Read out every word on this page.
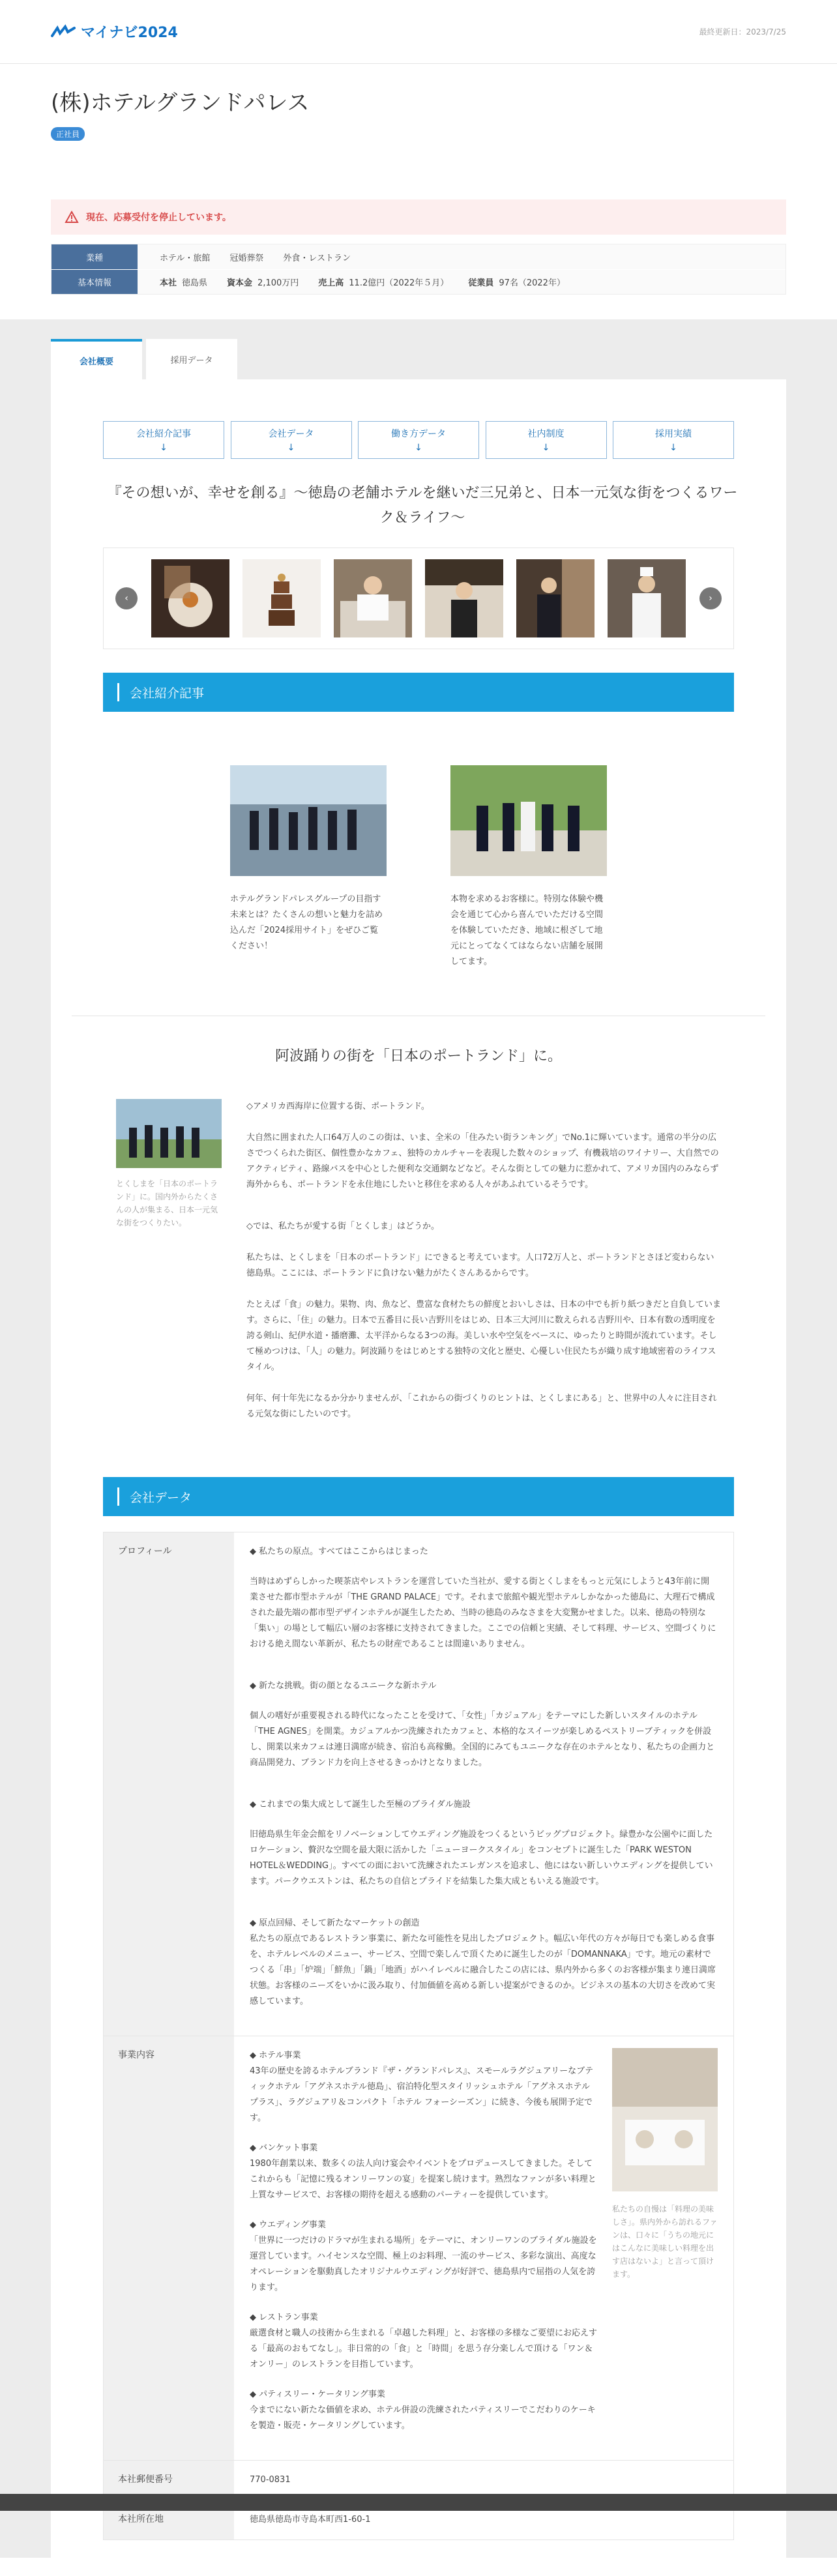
マイナビ2024	最終更新日：2023/7/25
(株)ホテルグランドパレス
正社員
現在、応募受付を停止しています。
業種	ホテル・旅館 冠婚葬祭 外食・レストラン
基本情報	本社 徳島県 資本金 2,100万円 売上高 11.2億円（2022年５月） 従業員 97名（2022年）
会社概要	採用データ
会社紹介記事
↓
会社データ
↓
働き方データ
↓
社内制度
↓
採用実績
↓
『その想いが、幸せを創る』～徳島の老舗ホテルを継いだ三兄弟と、日本一元気な街をつくるワーク＆ライフ～
‹	›
会社紹介記事

ホテルグランドパレスグループの目指す未来とは？たくさんの想いと魅力を詰め込んだ「2024採用サイト」をぜひご覧ください！

本物を求めるお客様に。特別な体験や機会を通じて心から喜んでいただける空間を体験していただき、地域に根ざして地元にとってなくてはならない店舗を展開してます。

阿波踊りの街を「日本のポートランド」に。

とくしまを「日本のポートランド」に。国内外からたくさんの人が集まる、日本一元気な街をつくりたい。

◇アメリカ西海岸に位置する街、ポートランド。

大自然に囲まれた人口64万人のこの街は、いま、全米の「住みたい街ランキング」でNo.1に輝いています。通常の半分の広さでつくられた街区、個性豊かなカフェ、独特のカルチャーを表現した数々のショップ、有機栽培のワイナリー、大自然でのアクティビティ、路線バスを中心とした便利な交通網などなど。そんな街としての魅力に惹かれて、アメリカ国内のみならず海外からも、ポートランドを永住地にしたいと移住を求める人々があふれているそうです。

◇では、私たちが愛する街「とくしま」はどうか。

私たちは、とくしまを「日本のポートランド」にできると考えています。人口72万人と、ポートランドとさほど変わらない徳島県。ここには、ポートランドに負けない魅力がたくさんあるからです。

たとえば「食」の魅力。果物、肉、魚など、豊富な食材たちの鮮度とおいしさは、日本の中でも折り紙つきだと自負しています。さらに、「住」の魅力。日本で五番目に長い吉野川をはじめ、日本三大河川に数えられる吉野川や、日本有数の透明度を誇る剣山、紀伊水道・播磨灘、太平洋からなる3つの海。美しい水や空気をベースに、ゆったりと時間が流れています。そして極めつけは、「人」の魅力。阿波踊りをはじめとする独特の文化と歴史、心優しい住民たちが織り成す地域密着のライフスタイル。

何年、何十年先になるか分かりませんが、「これからの街づくりのヒントは、とくしまにある」と、世界中の人々に注目される元気な街にしたいのです。

会社データ
プロフィール	◆ 私たちの原点。すべてはここからはじまった

当時はめずらしかった喫茶店やレストランを運営していた当社が、愛する街とくしまをもっと元気にしようと43年前に開業させた都市型ホテルが「THE GRAND PALACE」です。それまで旅館や観光型ホテルしかなかった徳島に、大理石で構成された最先端の都市型デザインホテルが誕生したため、当時の徳島のみなさまを大変驚かせました。以来、徳島の特別な「集い」の場として幅広い層のお客様に支持されてきました。ここでの信頼と実績、そして料理、サービス、空間づくりにおける絶え間ない革新が、私たちの財産であることは間違いありません。

◆ 新たな挑戦。街の顔となるユニークな新ホテル

個人の嗜好が重要視される時代になったことを受けて、「女性」「カジュアル」をテーマにした新しいスタイルのホテル「THE AGNES」を開業。カジュアルかつ洗練されたカフェと、本格的なスイーツが楽しめるペストリーブティックを併設し、開業以来カフェは連日満席が続き、宿泊も高稼働。全国的にみてもユニークな存在のホテルとなり、私たちの企画力と商品開発力、ブランド力を向上させるきっかけとなりました。

◆ これまでの集大成として誕生した至極のブライダル施設

旧徳島県生年金会館をリノベーションしてウエディング施設をつくるというビッグプロジェクト。緑豊かな公園やに面したロケーション、贅沢な空間を最大限に活かした「ニューヨークスタイル」をコンセプトに誕生した「PARK WESTON HOTEL＆WEDDING」。すべての面において洗練されたエレガンスを追求し、他にはない新しいウエディングを提供しています。パークウエストンは、私たちの自信とプライドを結集した集大成ともいえる施設です。

◆ 原点回帰、そして新たなマーケットの創造

私たちの原点であるレストラン事業に、新たな可能性を見出したプロジェクト。幅広い年代の方々が毎日でも楽しめる食事を、ホテルレベルのメニュー、サービス、空間で楽しんで頂くために誕生したのが「DOMANNAKA」です。地元の素材でつくる「串」「炉端」「鮮魚」「鍋」「地酒」がハイレベルに融合したこの店には、県内外から多くのお客様が集まり連日満席状態。お客様のニーズをいかに汲み取り、付加価値を高める新しい提案ができるのか。ビジネスの基本の大切さを改めて実感しています。

事業内容	◆ ホテル事業
43年の歴史を誇るホテルブランド『ザ・グランドパレス』、スモールラグジュアリーなブティックホテル「アグネスホテル徳島」、宿泊特化型スタイリッシュホテル「アグネスホテルプラス」、ラグジュアリ＆コンパクト「ホテル フォーシーズン」に続き、今後も展開予定です。
◆ バンケット事業
1980年創業以来、数多くの法人向け宴会やイベントをプロデュースしてきました。そしてこれからも「記憶に残るオンリーワンの宴」を提案し続けます。熟烈なファンが多い料理と上質なサービスで、お客様の期待を超える感動のパーティーを提供しています。
◆ ウエディング事業
「世界に一つだけのドラマが生まれる場所」をテーマに、オンリーワンのブライダル施設を運営しています。ハイセンスな空間、極上のお料理、一流のサービス、多彩な演出、高度なオペレーションを駆動真したオリジナルウエディングが好評で、徳島県内で屈指の人気を誇ります。
◆ レストラン事業
厳選食材と職人の技術から生まれる「卓越した料理」と、お客様の多様なご要望にお応えする「最高のおもてなし」。非日常的の「食」と「時間」を思う存分楽しんで頂ける「ワン＆オンリー」のレストランを目指しています。
◆ パティスリー・ケータリング事業
今までにない新たな価値を求め、ホテル併設の洗練されたパティスリーでこだわりのケーキを製造・販売・ケータリングしています。

私たちの自慢は「料理の美味しさ」。県内外から訪れるファンは、口々に「うちの地元にはこんなに美味しい料理を出す店はないよ」と言って頂けます。

本社郵便番号	770-0831
本社所在地	徳島県徳島市寺島本町西1-60-1
